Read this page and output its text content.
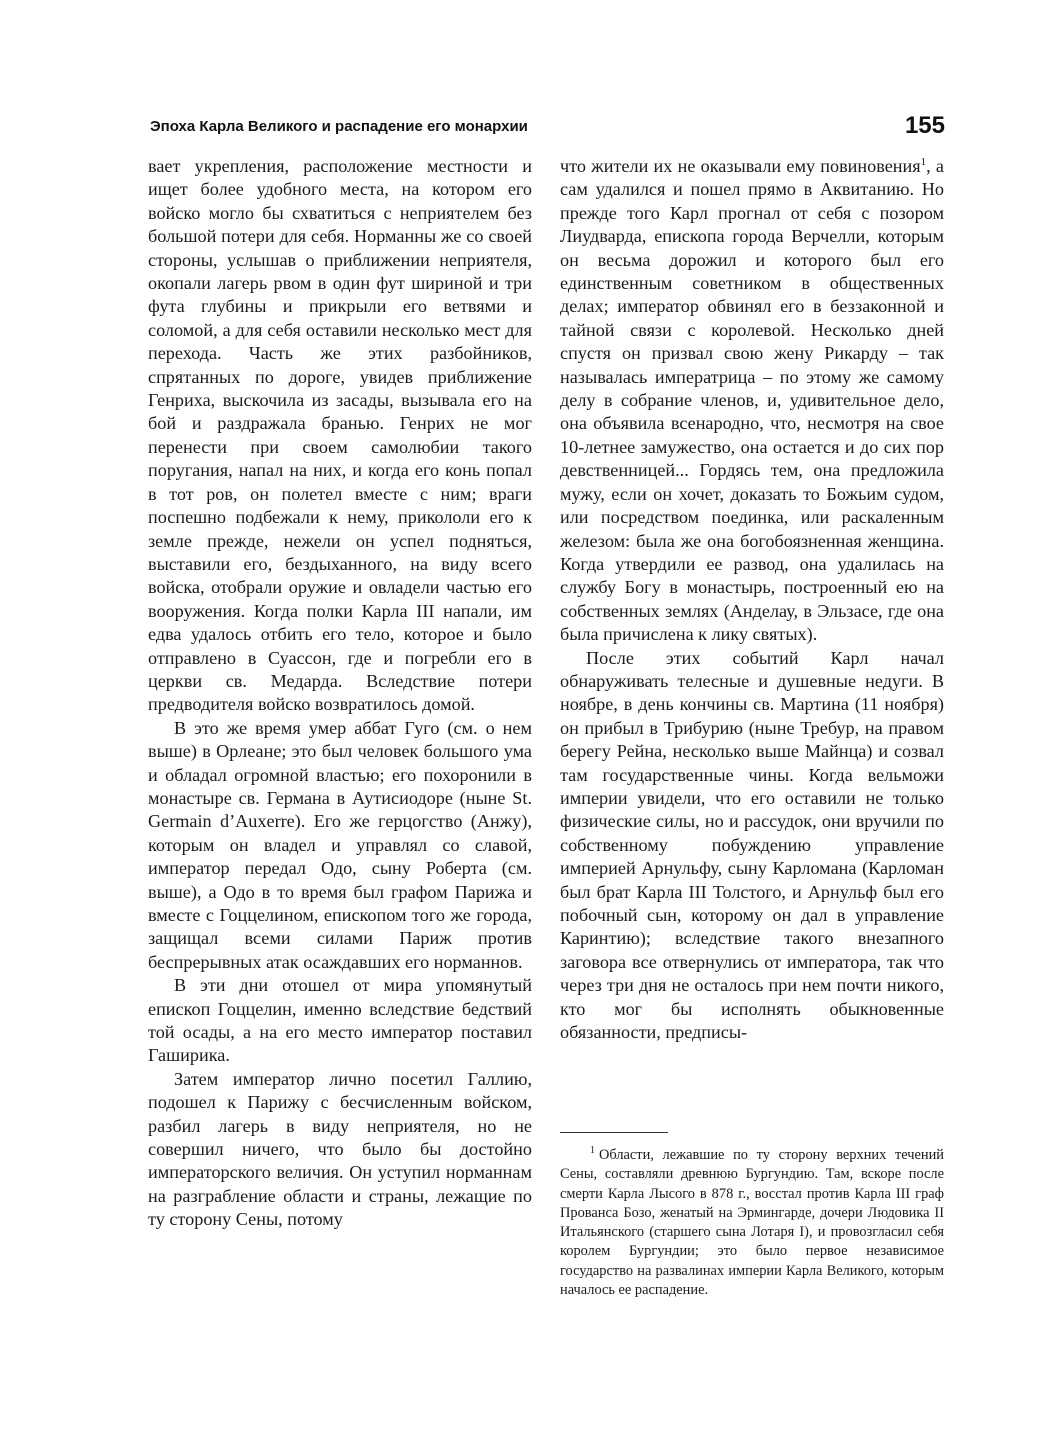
Эпоха Карла Великого и распадение его монархии	155

вает укрепления, расположение местности и ищет более удобного места, на котором его войско могло бы схватиться с неприятелем без большой потери для себя. Норманны же со своей стороны, услышав о приближении неприятеля, окопали лагерь рвом в один фут шириной и три фута глубины и прикрыли его ветвями и соломой, а для себя оставили несколько мест для перехода. Часть же этих разбойников, спрятанных по дороге, увидев приближение Генриха, выскочила из засады, вызывала его на бой и раздражала бранью. Генрих не мог перенести при своем самолюбии такого поругания, напал на них, и когда его конь попал в тот ров, он полетел вместе с ним; враги поспешно подбежали к нему, прикололи его к земле прежде, нежели он успел подняться, выставили его, бездыханного, на виду всего войска, отобрали оружие и овладели частью его вооружения. Когда полки Карла III напали, им едва удалось отбить его тело, которое и было отправлено в Суассон, где и погребли его в церкви св. Медарда. Вследствие потери предводителя войско возвратилось домой.

В это же время умер аббат Гуго (см. о нем выше) в Орлеане; это был человек большого ума и обладал огромной властью; его похоронили в монастыре св. Германа в Аутисиодоре (ныне St. Germain d’Auxerre). Его же герцогство (Анжу), которым он владел и управлял со славой, император передал Одо, сыну Роберта (см. выше), а Одо в то время был графом Парижа и вместе с Гоццелином, епископом того же города, защищал всеми силами Париж против беспрерывных атак осаждавших его норманнов.

В эти дни отошел от мира упомянутый епископ Гоццелин, именно вследствие бедствий той осады, а на его место император поставил Гаширика.

Затем император лично посетил Галлию, подошел к Парижу с бесчисленным войском, разбил лагерь в виду неприятеля, но не совершил ничего, что было бы достойно императорского величия. Он уступил норманнам на разграбление области и страны, лежащие по ту сторону Сены, потому

что жители их не оказывали ему повиновения$^1$, а сам удалился и пошел прямо в Аквитанию. Но прежде того Карл прогнал от себя с позором Лиудварда, епископа города Верчелли, которым он весьма дорожил и которого был его единственным советником в общественных делах; император обвинял его в беззаконной и тайной связи с королевой. Несколько дней спустя он призвал свою жену Рикарду – так называлась императрица – по этому же самому делу в собрание членов, и, удивительное дело, она объявила всенародно, что, несмотря на свое 10-летнее замужество, она остается и до сих пор девственницей... Гордясь тем, она предложила мужу, если он хочет, доказать то Божьим судом, или посредством поединка, или раскаленным железом: была же она богобоязненная женщина. Когда утвердили ее развод, она удалилась на службу Богу в монастырь, построенный ею на собственных землях (Анделау, в Эльзасе, где она была причислена к лику святых).

После этих событий Карл начал обнаруживать телесные и душевные недуги. В ноябре, в день кончины св. Мартина (11 ноября) он прибыл в Трибурию (ныне Требур, на правом берегу Рейна, несколько выше Майнца) и созвал там государственные чины. Когда вельможи империи увидели, что его оставили не только физические силы, но и рассудок, они вручили по собственному побуждению управление империей Арнульфу, сыну Карломана (Карломан был брат Карла III Толстого, и Арнульф был его побочный сын, которому он дал в управление Каринтию); вследствие такого внезапного заговора все отвернулись от императора, так что через три дня не осталось при нем почти никого, кто мог бы исполнять обыкновенные обязанности, предписы-

$^1$ Области, лежавшие по ту сторону верхних течений Сены, составляли древнюю Бургундию. Там, вскоре после смерти Карла Лысого в 878 г., восстал против Карла III граф Прованса Бозо, женатый на Эрмингарде, дочери Людовика II Итальянского (старшего сына Лотаря I), и провозгласил себя королем Бургундии; это было первое независимое государство на развалинах империи Карла Великого, которым началось ее распадение.
